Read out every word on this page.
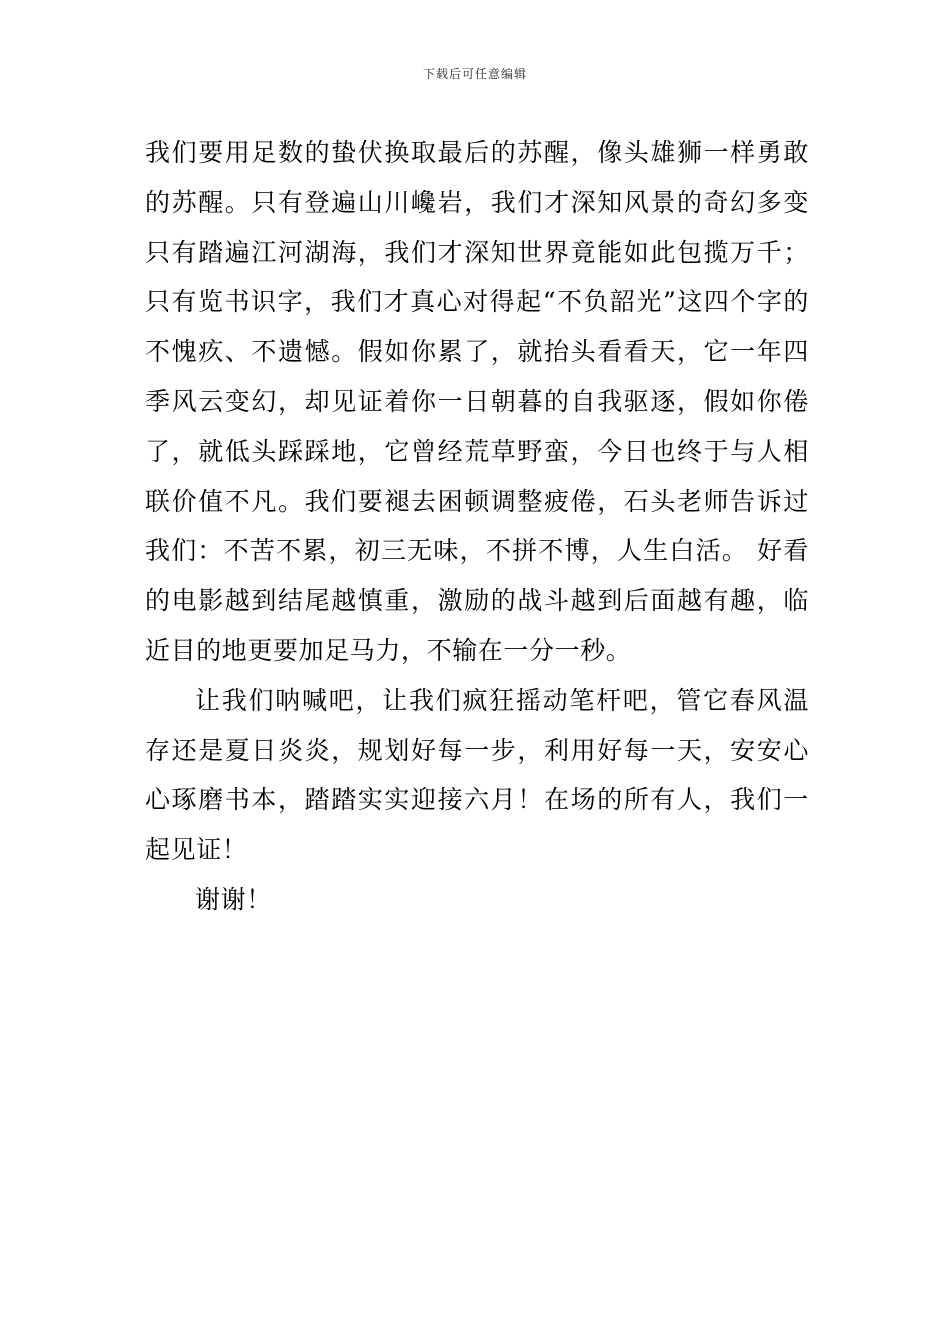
下载后可任意编辑

我们要用足数的蛰伏换取最后的苏醒，像头雄狮一样勇敢的苏醒。只有登遍山川巉岩，我们才深知风景的奇幻多变只有踏遍江河湖海，我们才深知世界竟能如此包揽万千；只有览书识字，我们才真心对得起“不负韶光”这四个字的不愧疚、不遗憾。假如你累了，就抬头看看天，它一年四季风云变幻，却见证着你一日朝暮的自我驱逐，假如你倦了，就低头踩踩地，它曾经荒草野蛮，今日也终于与人相联价值不凡。我们要褪去困顿调整疲倦，石头老师告诉过我们：不苦不累，初三无味，不拼不博，人生白活。 好看的电影越到结尾越慎重，激励的战斗越到后面越有趣，临近目的地更要加足马力，不输在一分一秒。

让我们呐喊吧，让我们疯狂摇动笔杆吧，管它春风温存还是夏日炎炎，规划好每一步，利用好每一天，安安心心琢磨书本，踏踏实实迎接六月！在场的所有人，我们一起见证！

谢谢！
